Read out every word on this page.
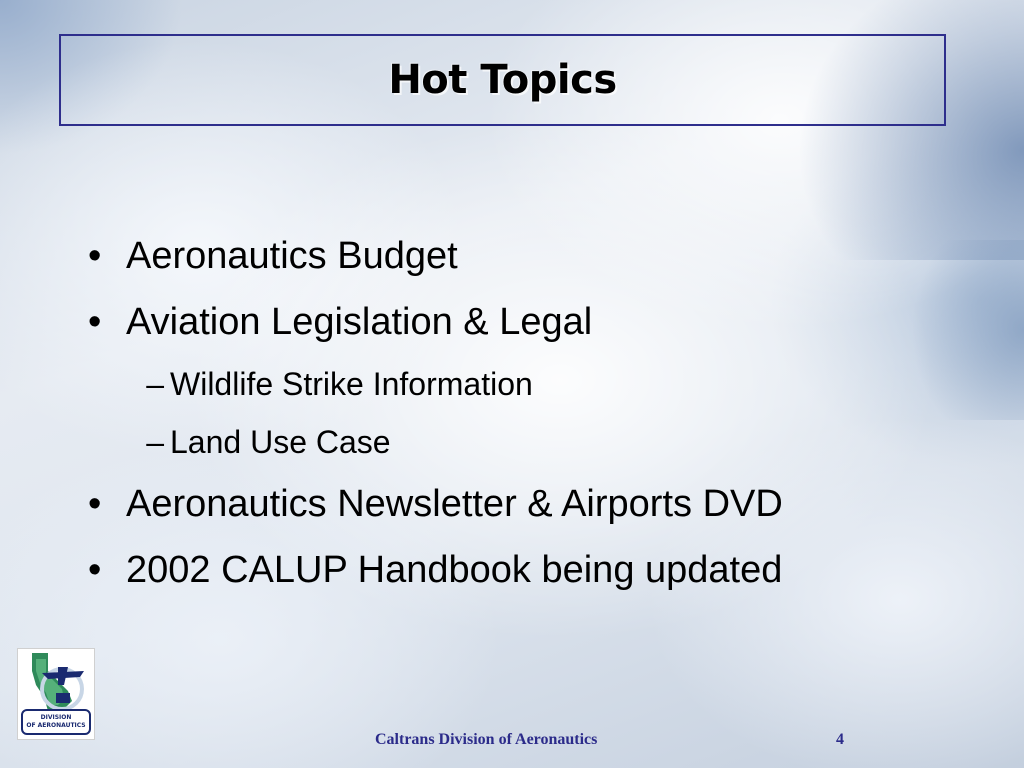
Hot Topics
• Aeronautics Budget
• Aviation Legislation & Legal
– Wildlife Strike Information
– Land Use Case
• Aeronautics Newsletter & Airports DVD
• 2002 CALUP Handbook being updated
DIVISION
OF AERONAUTICS
Caltrans Division of Aeronautics	4
